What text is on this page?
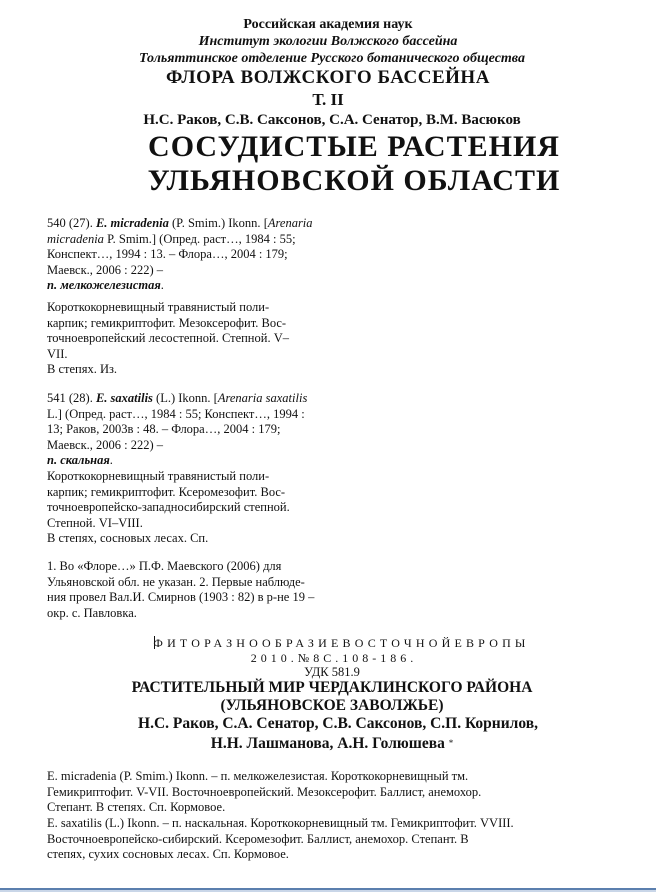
Российская академия наук
Институт экологии Волжского бассейна
Тольяттинское отделение Русского ботанического общества
ФЛОРА ВОЛЖСКОГО БАССЕЙНА
Т. II
Н.С. Раков, С.В. Саксонов, С.А. Сенатор, В.М. Васюков
СОСУДИСТЫЕ РАСТЕНИЯ
УЛЬЯНОВСКОЙ ОБЛАСТИ

540 (27). E. micradenia (P. Smim.) Ikonn. [Arenaria micradenia P. Smim.] (Опред. раст…, 1984 : 55; Конспект…, 1994 : 13. – Флора…, 2004 : 179; Маевск., 2006 : 222) –

п. мелкожелезистая.

Короткокорневищный травянистый поли-

карпик; гемикриптофит. Мезоксерофит. Вос-

точноевропейский лесостепной. Степной. V–

VII.

В степях. Из.

541 (28). E. saxatilis (L.) Ikonn. [Arenaria saxatilis L.] (Опред. раст…, 1984 : 55; Конспект…, 1994 : 13; Раков, 2003в : 48. – Флора…, 2004 : 179; Маевск., 2006 : 222) –

п. скальная.

Короткокорневищный травянистый поли-

карпик; гемикриптофит. Ксеромезофит. Вос-

точноевропейско-западносибирский степной.

Степной. VI–VIII.

В степях, сосновых лесах. Сп.

1. Во «Флоре…» П.Ф. Маевского (2006) для

Ульяновской обл. не указан. 2. Первые наблюде-

ния провел Вал.И. Смирнов (1903 : 82) в р-не 19 –

окр. с. Павловка.

ФИТОРАЗНООБРАЗИЕВОСТОЧНОЙЕВРОПЫ
2010.№8С.108-186.
УДК 581.9
РАСТИТЕЛЬНЫЙ МИР ЧЕРДАКЛИНСКОГО РАЙОНА
(УЛЬЯНОВСКОЕ ЗАВОЛЖЬЕ)
Н.С. Раков, С.А. Сенатор, С.В. Саксонов, С.П. Корнилов,
Н.Н. Лашманова, А.Н. Голюшева *

E. micradenia (P. Smim.) Ikonn. – п. мелкожелезистая. Короткокорневищный тм.

Гемикриптофит. V-VII. Восточноевропейский. Мезоксерофит. Баллист, анемохор.

Степант. В степях. Сп. Кормовое.

E. saxatilis (L.) Ikonn. – п. наскальная. Короткокорневищный тм. Гемикриптофит. VVIII.

Восточноевропейско-сибирский. Ксеромезофит. Баллист, анемохор. Степант. В

степях, сухих сосновых лесах. Сп. Кормовое.
